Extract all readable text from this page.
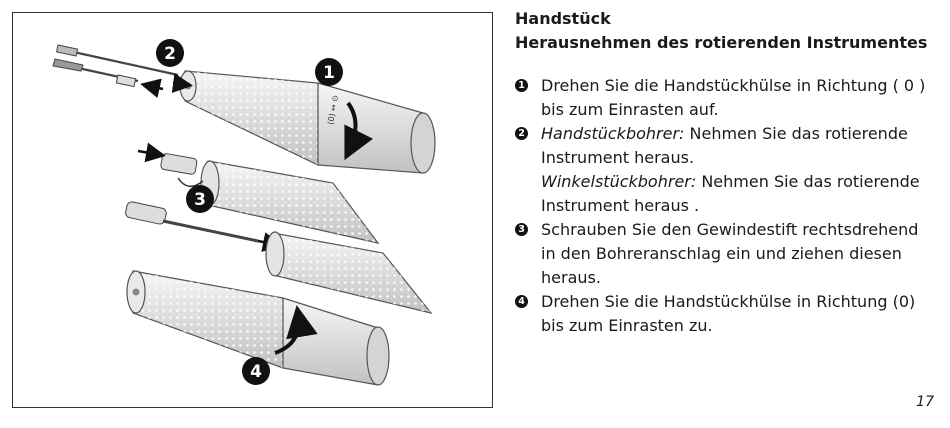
(0) ↔ ⊙
1
2
3
4

Handstück

Herausnehmen des rotierenden Instrumentes

1 Drehen Sie die Handstückhülse in Richtung ( 0 )
bis zum Einrasten auf.
2 Handstückbohrer: Nehmen Sie das rotierende
Instrument heraus.
Winkelstückbohrer: Nehmen Sie das rotierende
Instrument heraus .
3 Schrauben Sie den Gewindestift rechtsdrehend
in den Bohreranschlag ein und ziehen diesen
heraus.
4 Drehen Sie die Handstückhülse in Richtung (0)
bis zum Einrasten zu.
17
